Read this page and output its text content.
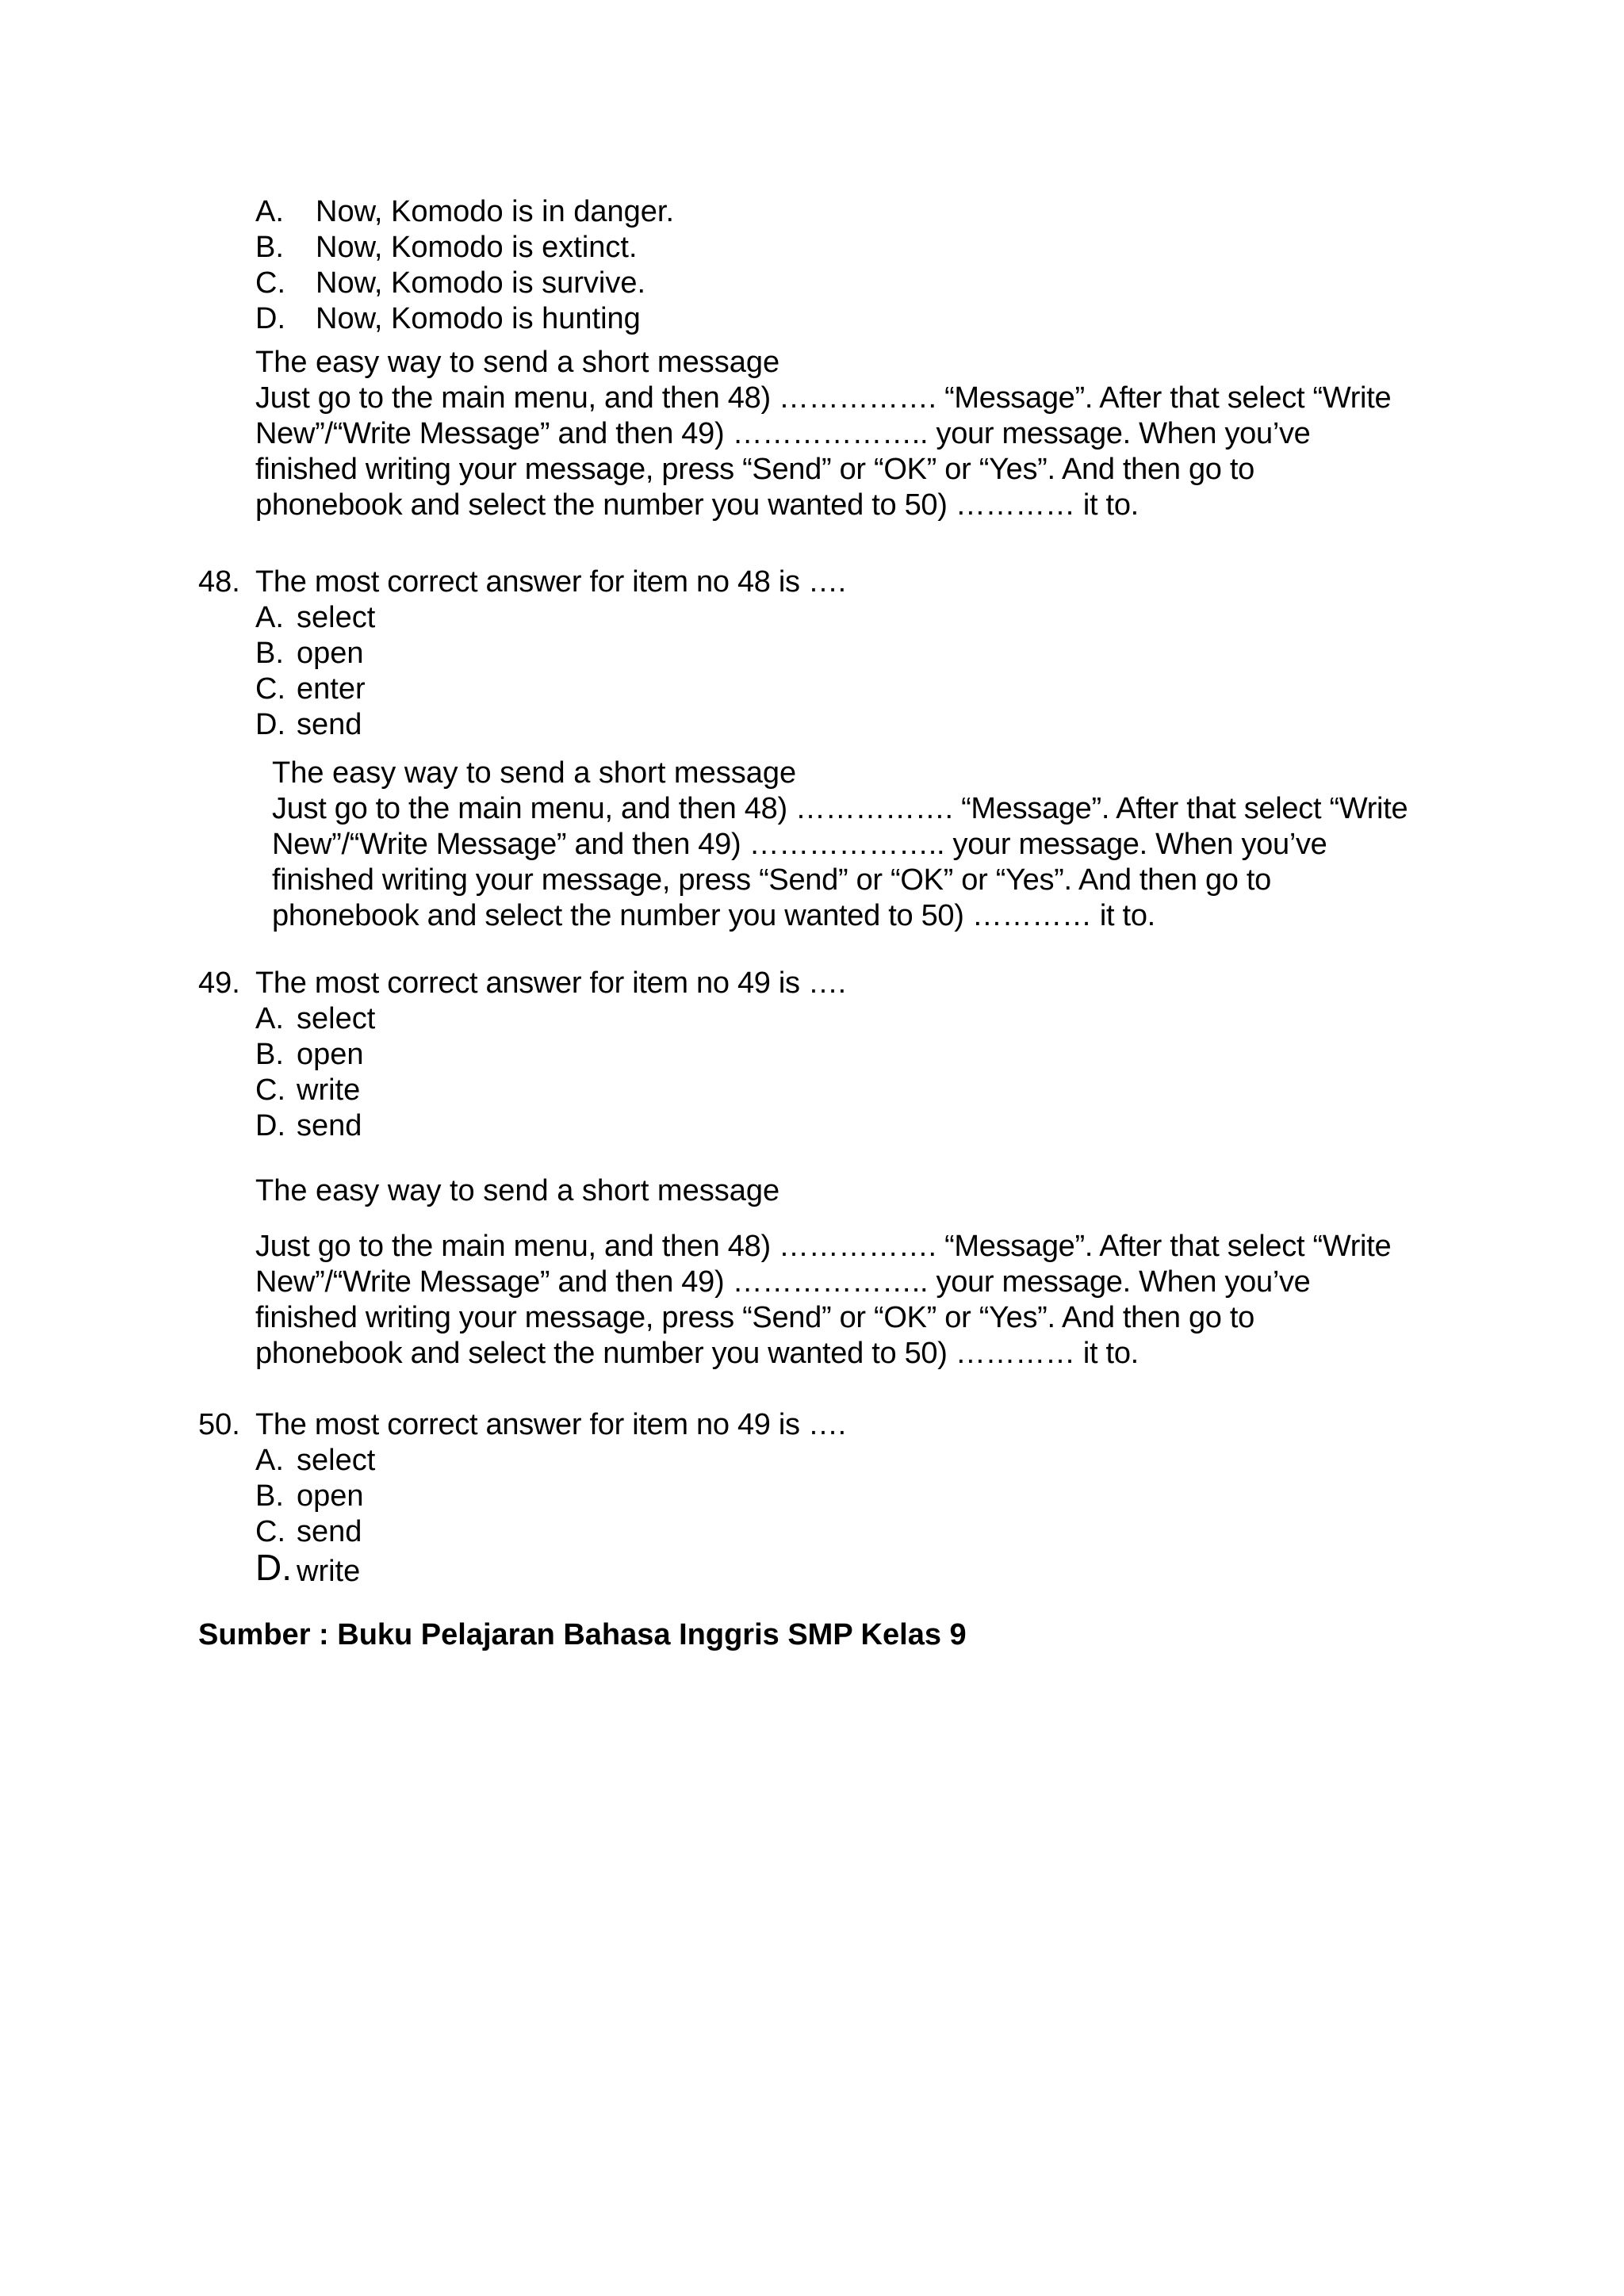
A. Now, Komodo is in danger.
B. Now, Komodo is extinct.
C. Now, Komodo is survive.
D. Now, Komodo is hunting
The easy way to send a short message
Just go to the main menu, and then 48) ……………. “Message”. After that select “Write
New”/“Write Message” and then 49) ……………….. your message. When you’ve
finished writing your message, press “Send” or “OK” or “Yes”. And then go to
phonebook and select the number you wanted to 50) ………… it to.
48. The most correct answer for item no 48 is ….
A. select
B. open
C. enter
D. send
The easy way to send a short message
Just go to the main menu, and then 48) ……………. “Message”. After that select “Write
New”/“Write Message” and then 49) ……………….. your message. When you’ve
finished writing your message, press “Send” or “OK” or “Yes”. And then go to
phonebook and select the number you wanted to 50) ………… it to.
49. The most correct answer for item no 49 is ….
A. select
B. open
C. write
D. send
The easy way to send a short message
Just go to the main menu, and then 48) ……………. “Message”. After that select “Write
New”/“Write Message” and then 49) ……………….. your message. When you’ve
finished writing your message, press “Send” or “OK” or “Yes”. And then go to
phonebook and select the number you wanted to 50) ………… it to.
50. The most correct answer for item no 49 is ….
A. select
B. open
C. send
D. write
Sumber : Buku Pelajaran Bahasa Inggris SMP Kelas 9
